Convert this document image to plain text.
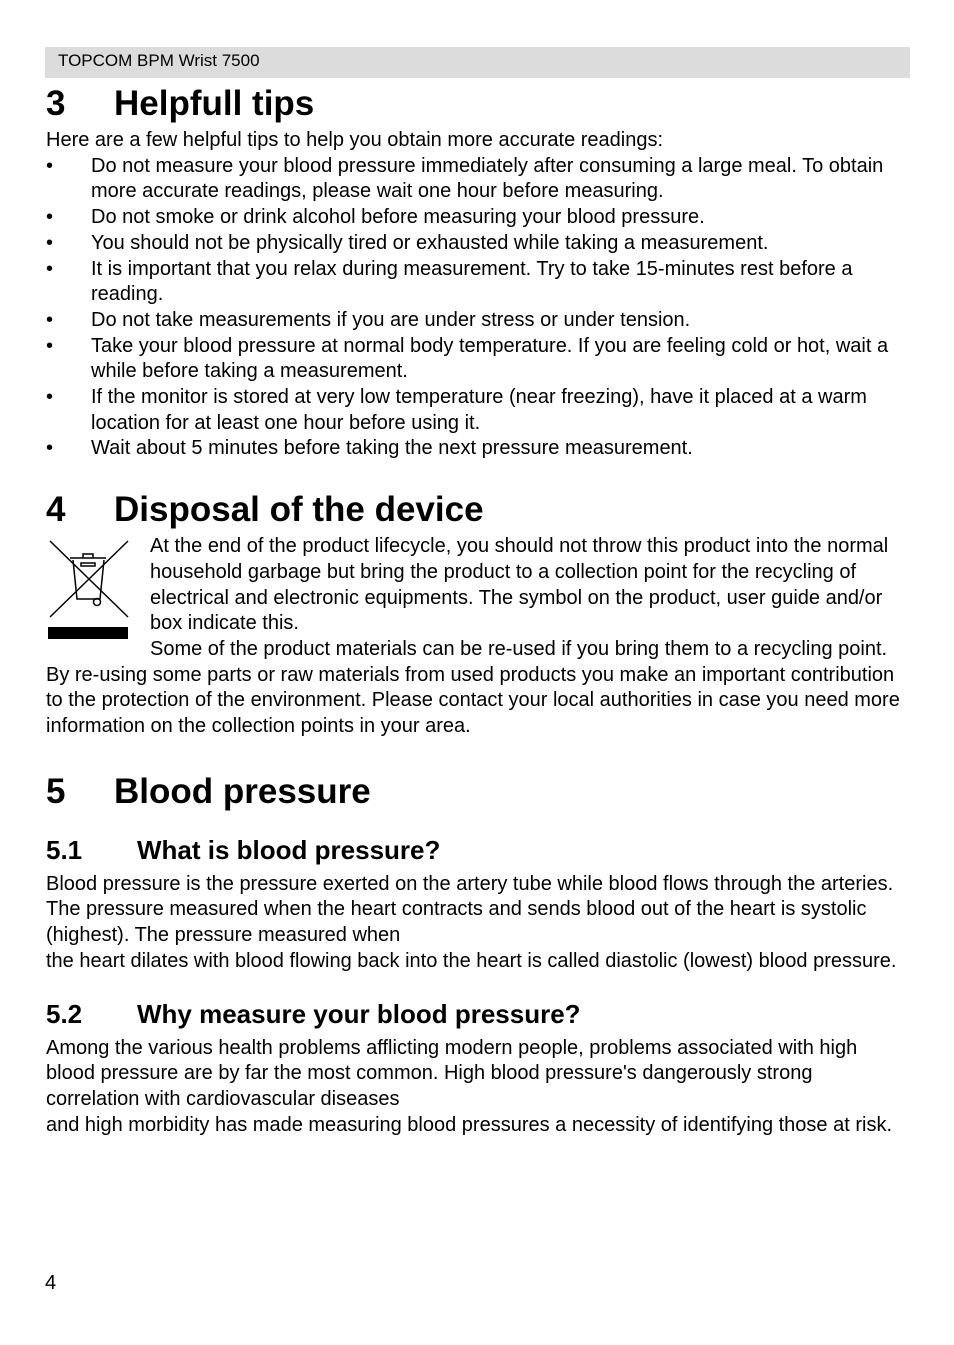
TOPCOM BPM Wrist 7500
3	Helpfull tips

Here are a few helpful tips to help you obtain more accurate readings:

• Do not measure your blood pressure immediately after consuming a large meal. To obtain more accurate readings, please wait one hour before measuring.
• Do not smoke or drink alcohol before measuring your blood pressure.
• You should not be physically tired or exhausted while taking a measurement.
• It is important that you relax during measurement. Try to take 15-minutes rest before a reading.
• Do not take measurements if you are under stress or under tension.
• Take your blood pressure at normal body temperature. If you are feeling cold or hot, wait a while before taking a measurement.
• If the monitor is stored at very low temperature (near freezing), have it placed at a warm location for at least one hour before using it.
• Wait about 5 minutes before taking the next pressure measurement.
4	Disposal of the device

At the end of the product lifecycle, you should not throw this product into the normal household garbage but bring the product to a collection point for the recycling of electrical and electronic equipments. The symbol on the product, user guide and/or box indicate this.

Some of the product materials can be re-used if you bring them to a recycling point. By re-using some parts or raw materials from used products you make an important contribution to the protection of the environment. Please contact your local authorities in case you need more information on the collection points in your area.

5	Blood pressure
5.1	What is blood pressure?

Blood pressure is the pressure exerted on the artery tube while blood flows through the arteries. The pressure measured when the heart contracts and sends blood out of the heart is systolic (highest). The pressure measured when

the heart dilates with blood flowing back into the heart is called diastolic (lowest) blood pressure.

5.2	Why measure your blood pressure?

Among the various health problems afflicting modern people, problems associated with high blood pressure are by far the most common. High blood pressure's dangerously strong correlation with cardiovascular diseases

and high morbidity has made measuring blood pressures a necessity of identifying those at risk.

4
